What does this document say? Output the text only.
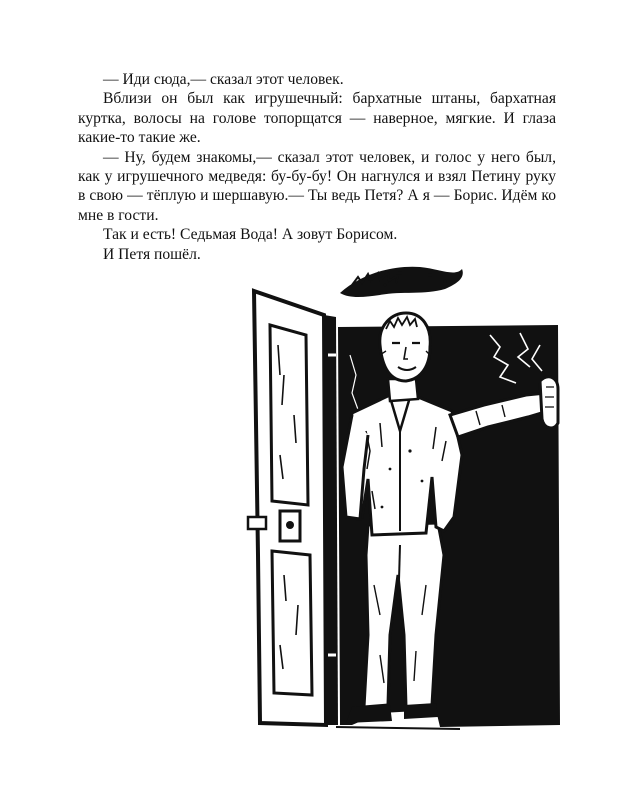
— Иди сюда,— сказал этот человек.

Вблизи он был как игрушечный: бархатные штаны, бархатная куртка, волосы на голове топорщатся — наверное, мягкие. И глаза какие-то такие же.

— Ну, будем знакомы,— сказал этот человек, и голос у него был, как у игрушечного медведя: бу-бу-бу! Он нагнулся и взял Петину руку в свою — тёплую и шершавую.— Ты ведь Петя? А я — Борис. Идём ко мне в гости.

Так и есть! Седьмая Вода! А зовут Борисом.

И Петя пошёл.
